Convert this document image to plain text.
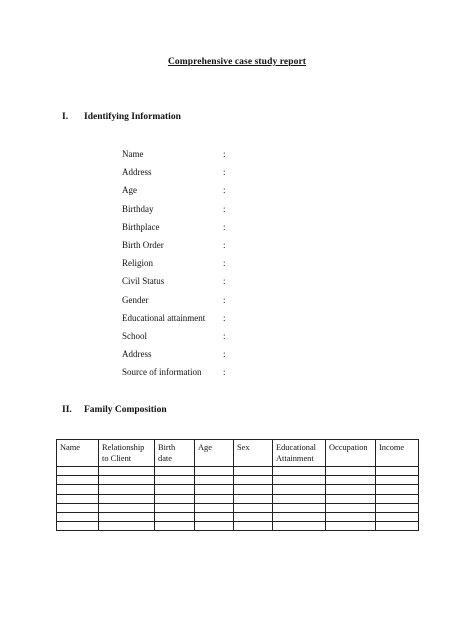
Comprehensive case study report
I. Identifying Information
Name	:
Address	:
Age	:
Birthday	:
Birthplace	:
Birth Order	:
Religion	:
Civil Status	:
Gender	:
Educational attainment :
School	:
Address	:
Source of information :
II. Family Composition
Name	Relationship to Client	Birth date	Age	Sex	Educational Attainment	Occupation	Income
